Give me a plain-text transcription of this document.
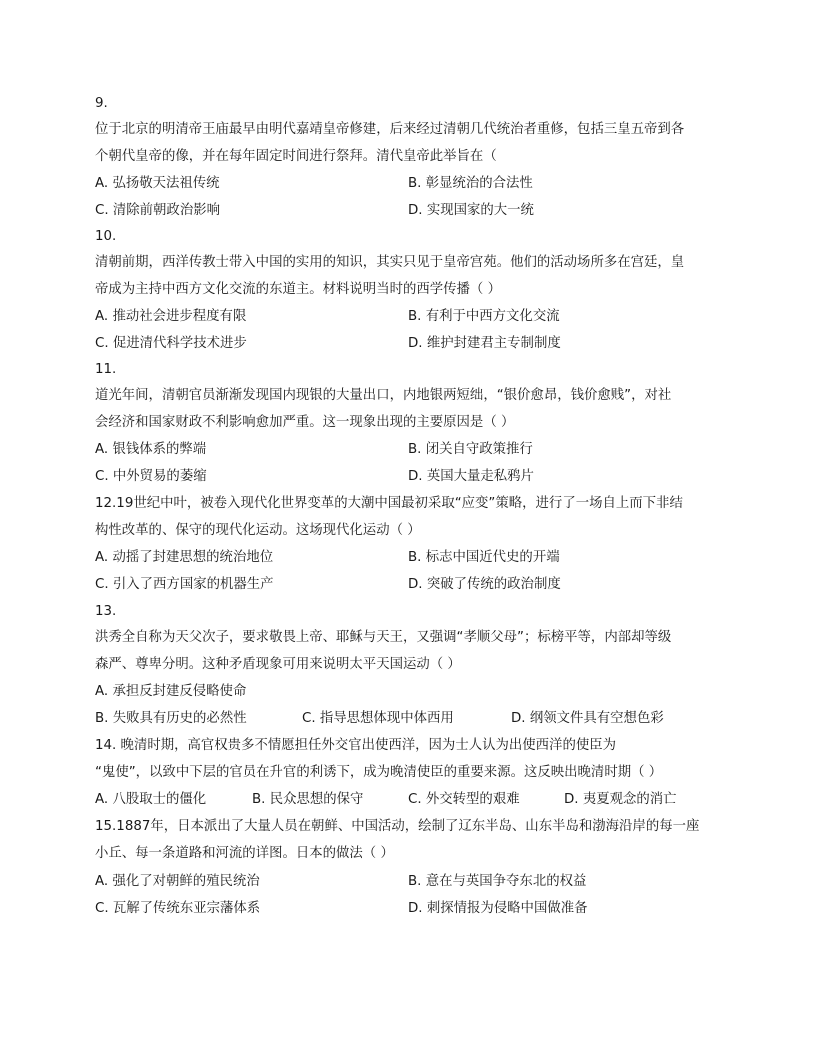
9.
位于北京的明清帝王庙最早由明代嘉靖皇帝修建，后来经过清朝几代统治者重修，包括三皇五帝到各
个朝代皇帝的像，并在每年固定时间进行祭拜。清代皇帝此举旨在（
A. 弘扬敬天法祖传统	B. 彰显统治的合法性
C. 清除前朝政治影响	D. 实现国家的大一统
10.
清朝前期，西洋传教士带入中国的实用的知识，其实只见于皇帝宫苑。他们的活动场所多在宫廷，皇
帝成为主持中西方文化交流的东道主。材料说明当时的西学传播（ ）
A. 推动社会进步程度有限	B. 有利于中西方文化交流
C. 促进清代科学技术进步	D. 维护封建君主专制制度
11.
道光年间，清朝官员渐渐发现国内现银的大量出口，内地银两短绌，“银价愈昂，钱价愈贱”，对社
会经济和国家财政不利影响愈加严重。这一现象出现的主要原因是（ ）
A. 银钱体系的弊端	B. 闭关自守政策推行
C. 中外贸易的萎缩	D. 英国大量走私鸦片
12.19世纪中叶，被卷入现代化世界变革的大潮中国最初采取“应变”策略，进行了一场自上而下非结
构性改革的、保守的现代化运动。这场现代化运动（ ）
A. 动摇了封建思想的统治地位	B. 标志中国近代史的开端
C. 引入了西方国家的机器生产	D. 突破了传统的政治制度
13.
洪秀全自称为天父次子，要求敬畏上帝、耶稣与天王，又强调“孝顺父母”；标榜平等，内部却等级
森严、尊卑分明。这种矛盾现象可用来说明太平天国运动（ ）
A. 承担反封建反侵略使命
B. 失败具有历史的必然性	C. 指导思想体现中体西用	D. 纲领文件具有空想色彩
14. 晚清时期，高官权贵多不情愿担任外交官出使西洋，因为士人认为出使西洋的使臣为
“鬼使”，以致中下层的官员在升官的利诱下，成为晚清使臣的重要来源。这反映出晚清时期（ ）
A. 八股取士的僵化	B. 民众思想的保守	C. 外交转型的艰难	D. 夷夏观念的消亡
15.1887年，日本派出了大量人员在朝鲜、中国活动，绘制了辽东半岛、山东半岛和渤海沿岸的每一座
小丘、每一条道路和河流的详图。日本的做法（ ）
A. 强化了对朝鲜的殖民统治	B. 意在与英国争夺东北的权益
C. 瓦解了传统东亚宗藩体系	D. 刺探情报为侵略中国做准备
